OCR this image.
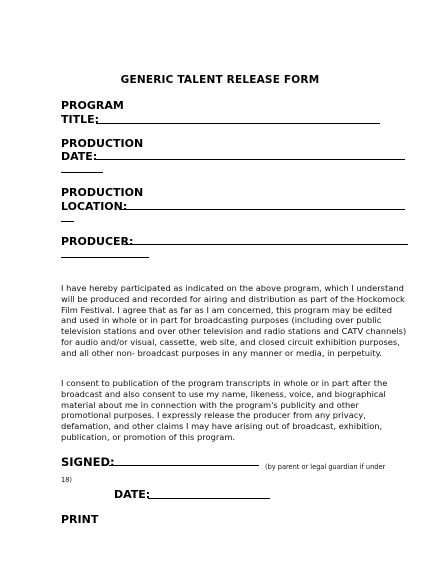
GENERIC TALENT RELEASE FORM
PROGRAM
TITLE:
PRODUCTION
DATE:
PRODUCTION
LOCATION:
PRODUCER:

I have hereby participated as indicated on the above program, which I understand will be produced and recorded for airing and distribution as part of the Hockomock Film Festival. I agree that as far as I am concerned, this program may be edited and used in whole or in part for broadcasting purposes (including over public television stations and over other television and radio stations and CATV channels) for audio and/or visual, cassette, web site, and closed circuit exhibition purposes, and all other non- broadcast purposes in any manner or media, in perpetuity.

I consent to publication of the program transcripts in whole or in part after the broadcast and also consent to use my name, likeness, voice, and biographical material about me in connection with the program's publicity and other promotional purposes. I expressly release the producer from any privacy, defamation, and other claims I may have arising out of broadcast, exhibition, publication, or promotion of this program.

SIGNED:	(by parent or legal guardian if under
18)
DATE:
PRINT
